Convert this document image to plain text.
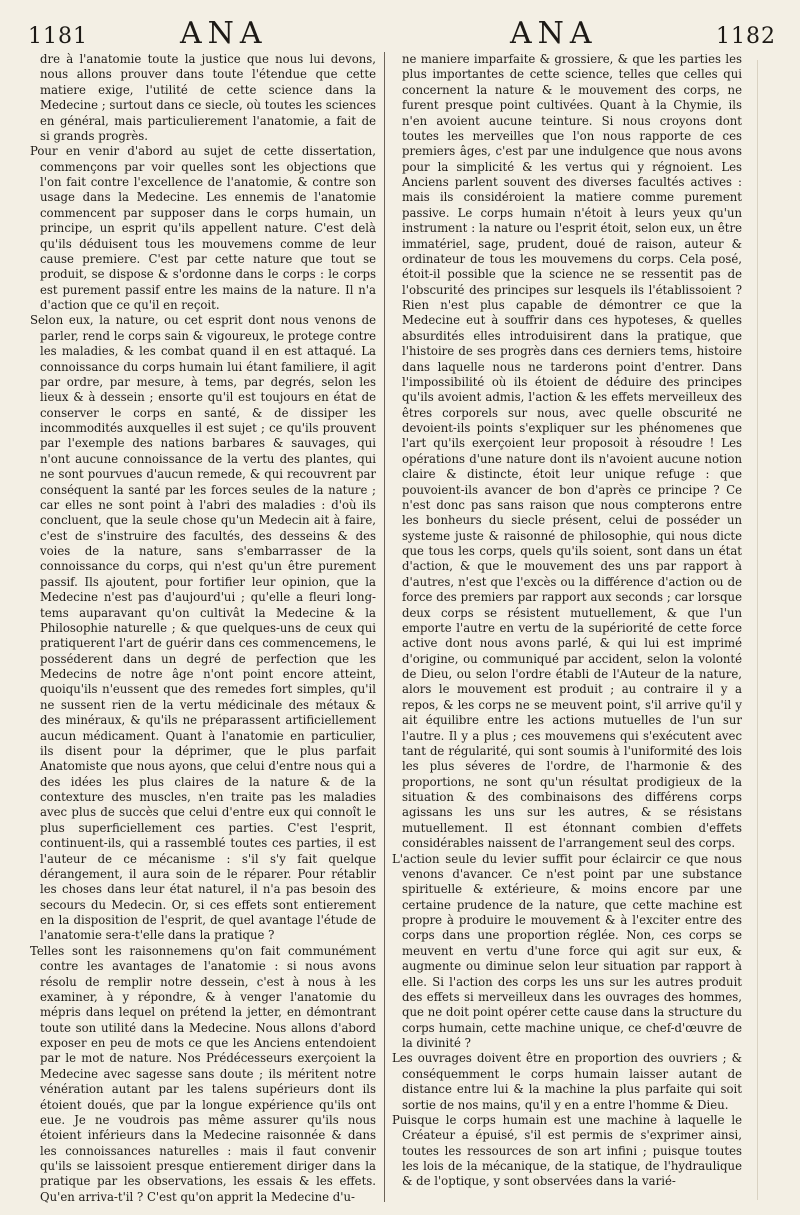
1181	ANA	ANA	1182

dre à l'anatomie toute la justice que nous lui devons, nous allons prouver dans toute l'étendue que cette matiere exige, l'utilité de cette science dans la Medecine ; surtout dans ce siecle, où toutes les sciences en général, mais particulierement l'anatomie, a fait de si grands progrès.

Pour en venir d'abord au sujet de cette dissertation, commençons par voir quelles sont les objections que l'on fait contre l'excellence de l'anatomie, & contre son usage dans la Medecine. Les ennemis de l'anatomie commencent par supposer dans le corps humain, un principe, un esprit qu'ils appellent nature. C'est delà qu'ils déduisent tous les mouvemens comme de leur cause premiere. C'est par cette nature que tout se produit, se dispose & s'ordonne dans le corps : le corps est purement passif entre les mains de la nature. Il n'a d'action que ce qu'il en reçoit.

Selon eux, la nature, ou cet esprit dont nous venons de parler, rend le corps sain & vigoureux, le protege contre les maladies, & les combat quand il en est attaqué. La connoissance du corps humain lui étant familiere, il agit par ordre, par mesure, à tems, par degrés, selon les lieux & à dessein ; ensorte qu'il est toujours en état de conserver le corps en santé, & de dissiper les incommodités auxquelles il est sujet ; ce qu'ils prouvent par l'exemple des nations barbares & sauvages, qui n'ont aucune connoissance de la vertu des plantes, qui ne sont pourvues d'aucun remede, & qui recouvrent par conséquent la santé par les forces seules de la nature ; car elles ne sont point à l'abri des maladies : d'où ils concluent, que la seule chose qu'un Medecin ait à faire, c'est de s'instruire des facultés, des desseins & des voies de la nature, sans s'embarrasser de la connoissance du corps, qui n'est qu'un être purement passif. Ils ajoutent, pour fortifier leur opinion, que la Medecine n'est pas d'aujourd'ui ; qu'elle a fleuri long-tems auparavant qu'on cultivât la Medecine & la Philosophie naturelle ; & que quelques-uns de ceux qui pratiquerent l'art de guérir dans ces commencemens, le posséderent dans un degré de perfection que les Medecins de notre âge n'ont point encore atteint, quoiqu'ils n'eussent que des remedes fort simples, qu'il ne sussent rien de la vertu médicinale des métaux & des minéraux, & qu'ils ne préparassent artificiellement aucun médicament. Quant à l'anatomie en particulier, ils disent pour la déprimer, que le plus parfait Anatomiste que nous ayons, que celui d'entre nous qui a des idées les plus claires de la nature & de la contexture des muscles, n'en traite pas les maladies avec plus de succès que celui d'entre eux qui connoît le plus superficiellement ces parties. C'est l'esprit, continuent-ils, qui a rassemblé toutes ces parties, il est l'auteur de ce mécanisme : s'il s'y fait quelque dérangement, il aura soin de le réparer. Pour rétablir les choses dans leur état naturel, il n'a pas besoin des secours du Medecin. Or, si ces effets sont entierement en la disposition de l'esprit, de quel avantage l'étude de l'anatomie sera-t'elle dans la pratique ?

Telles sont les raisonnemens qu'on fait communément contre les avantages de l'anatomie : si nous avons résolu de remplir notre dessein, c'est à nous à les examiner, à y répondre, & à venger l'anatomie du mépris dans lequel on prétend la jetter, en démontrant toute son utilité dans la Medecine. Nous allons d'abord exposer en peu de mots ce que les Anciens entendoient par le mot de nature. Nos Prédécesseurs exerçoient la Medecine avec sagesse sans doute ; ils méritent notre vénération autant par les talens supérieurs dont ils étoient doués, que par la longue expérience qu'ils ont eue. Je ne voudrois pas même assurer qu'ils nous étoient inférieurs dans la Medecine raisonnée & dans les connoissances naturelles : mais il faut convenir qu'ils se laissoient presque entierement diriger dans la pratique par les observations, les essais & les effets. Qu'en arriva-t'il ? C'est qu'on apprit la Medecine d'u-

ne maniere imparfaite & grossiere, & que les parties les plus importantes de cette science, telles que celles qui concernent la nature & le mouvement des corps, ne furent presque point cultivées. Quant à la Chymie, ils n'en avoient aucune teinture. Si nous croyons dont toutes les merveilles que l'on nous rapporte de ces premiers âges, c'est par une indulgence que nous avons pour la simplicité & les vertus qui y régnoient. Les Anciens parlent souvent des diverses facultés actives : mais ils considéroient la matiere comme purement passive. Le corps humain n'étoit à leurs yeux qu'un instrument : la nature ou l'esprit étoit, selon eux, un être immatériel, sage, prudent, doué de raison, auteur & ordinateur de tous les mouvemens du corps. Cela posé, étoit-il possible que la science ne se ressentit pas de l'obscurité des principes sur lesquels ils l'établissoient ? Rien n'est plus capable de démontrer ce que la Medecine eut à souffrir dans ces hypoteses, & quelles absurdités elles introduisirent dans la pratique, que l'histoire de ses progrès dans ces derniers tems, histoire dans laquelle nous ne tarderons point d'entrer. Dans l'impossibilité où ils étoient de déduire des principes qu'ils avoient admis, l'action & les effets merveilleux des êtres corporels sur nous, avec quelle obscurité ne devoient-ils points s'expliquer sur les phénomenes que l'art qu'ils exerçoient leur proposoit à résoudre ! Les opérations d'une nature dont ils n'avoient aucune notion claire & distincte, étoit leur unique refuge : que pouvoient-ils avancer de bon d'après ce principe ? Ce n'est donc pas sans raison que nous compterons entre les bonheurs du siecle présent, celui de posséder un systeme juste & raisonné de philosophie, qui nous dicte que tous les corps, quels qu'ils soient, sont dans un état d'action, & que le mouvement des uns par rapport à d'autres, n'est que l'excès ou la différence d'action ou de force des premiers par rapport aux seconds ; car lorsque deux corps se résistent mutuellement, & que l'un emporte l'autre en vertu de la supériorité de cette force active dont nous avons parlé, & qui lui est imprimé d'origine, ou communiqué par accident, selon la volonté de Dieu, ou selon l'ordre établi de l'Auteur de la nature, alors le mouvement est produit ; au contraire il y a repos, & les corps ne se meuvent point, s'il arrive qu'il y ait équilibre entre les actions mutuelles de l'un sur l'autre. Il y a plus ; ces mouvemens qui s'exécutent avec tant de régularité, qui sont soumis à l'uniformité des lois les plus séveres de l'ordre, de l'harmonie & des proportions, ne sont qu'un résultat prodigieux de la situation & des combinaisons des différens corps agissans les uns sur les autres, & se résistans mutuellement. Il est étonnant combien d'effets considérables naissent de l'arrangement seul des corps.

L'action seule du levier suffit pour éclaircir ce que nous venons d'avancer. Ce n'est point par une substance spirituelle & extérieure, & moins encore par une certaine prudence de la nature, que cette machine est propre à produire le mouvement & à l'exciter entre des corps dans une proportion réglée. Non, ces corps se meuvent en vertu d'une force qui agit sur eux, & augmente ou diminue selon leur situation par rapport à elle. Si l'action des corps les uns sur les autres produit des effets si merveilleux dans les ouvrages des hommes, que ne doit point opérer cette cause dans la structure du corps humain, cette machine unique, ce chef-d'œuvre de la divinité ?

Les ouvrages doivent être en proportion des ouvriers ; & conséquemment le corps humain laisser autant de distance entre lui & la machine la plus parfaite qui soit sortie de nos mains, qu'il y en a entre l'homme & Dieu.

Puisque le corps humain est une machine à laquelle le Créateur a épuisé, s'il est permis de s'exprimer ainsi, toutes les ressources de son art infini ; puisque toutes les lois de la mécanique, de la statique, de l'hydraulique & de l'optique, y sont observées dans la varié-
